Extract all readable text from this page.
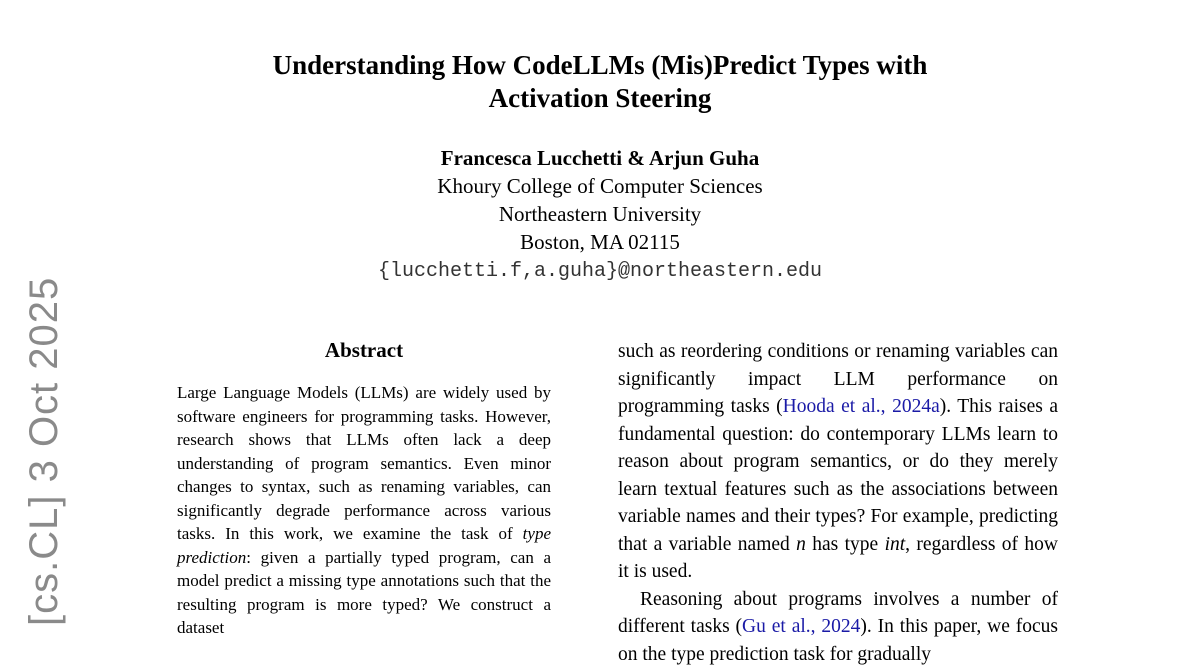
[cs.CL] 3 Oct 2025
Understanding How CodeLLMs (Mis)Predict Types with
Activation Steering
Francesca Lucchetti & Arjun Guha
Khoury College of Computer Sciences
Northeastern University
Boston, MA 02115
{lucchetti.f,a.guha}@northeastern.edu
Abstract

Large Language Models (LLMs) are widely used by software engineers for programming tasks. However, research shows that LLMs often lack a deep understanding of program semantics. Even minor changes to syntax, such as renaming variables, can significantly degrade performance across various tasks. In this work, we examine the task of type prediction: given a partially typed program, can a model predict a missing type annotations such that the resulting program is more typed? We construct a dataset

such as reordering conditions or renaming variables can significantly impact LLM performance on programming tasks (Hooda et al., 2024a). This raises a fundamental question: do contemporary LLMs learn to reason about program semantics, or do they merely learn textual features such as the associations between variable names and their types? For example, predicting that a variable named n has type int, regardless of how it is used.

Reasoning about programs involves a number of different tasks (Gu et al., 2024). In this paper, we focus on the type prediction task for gradually
